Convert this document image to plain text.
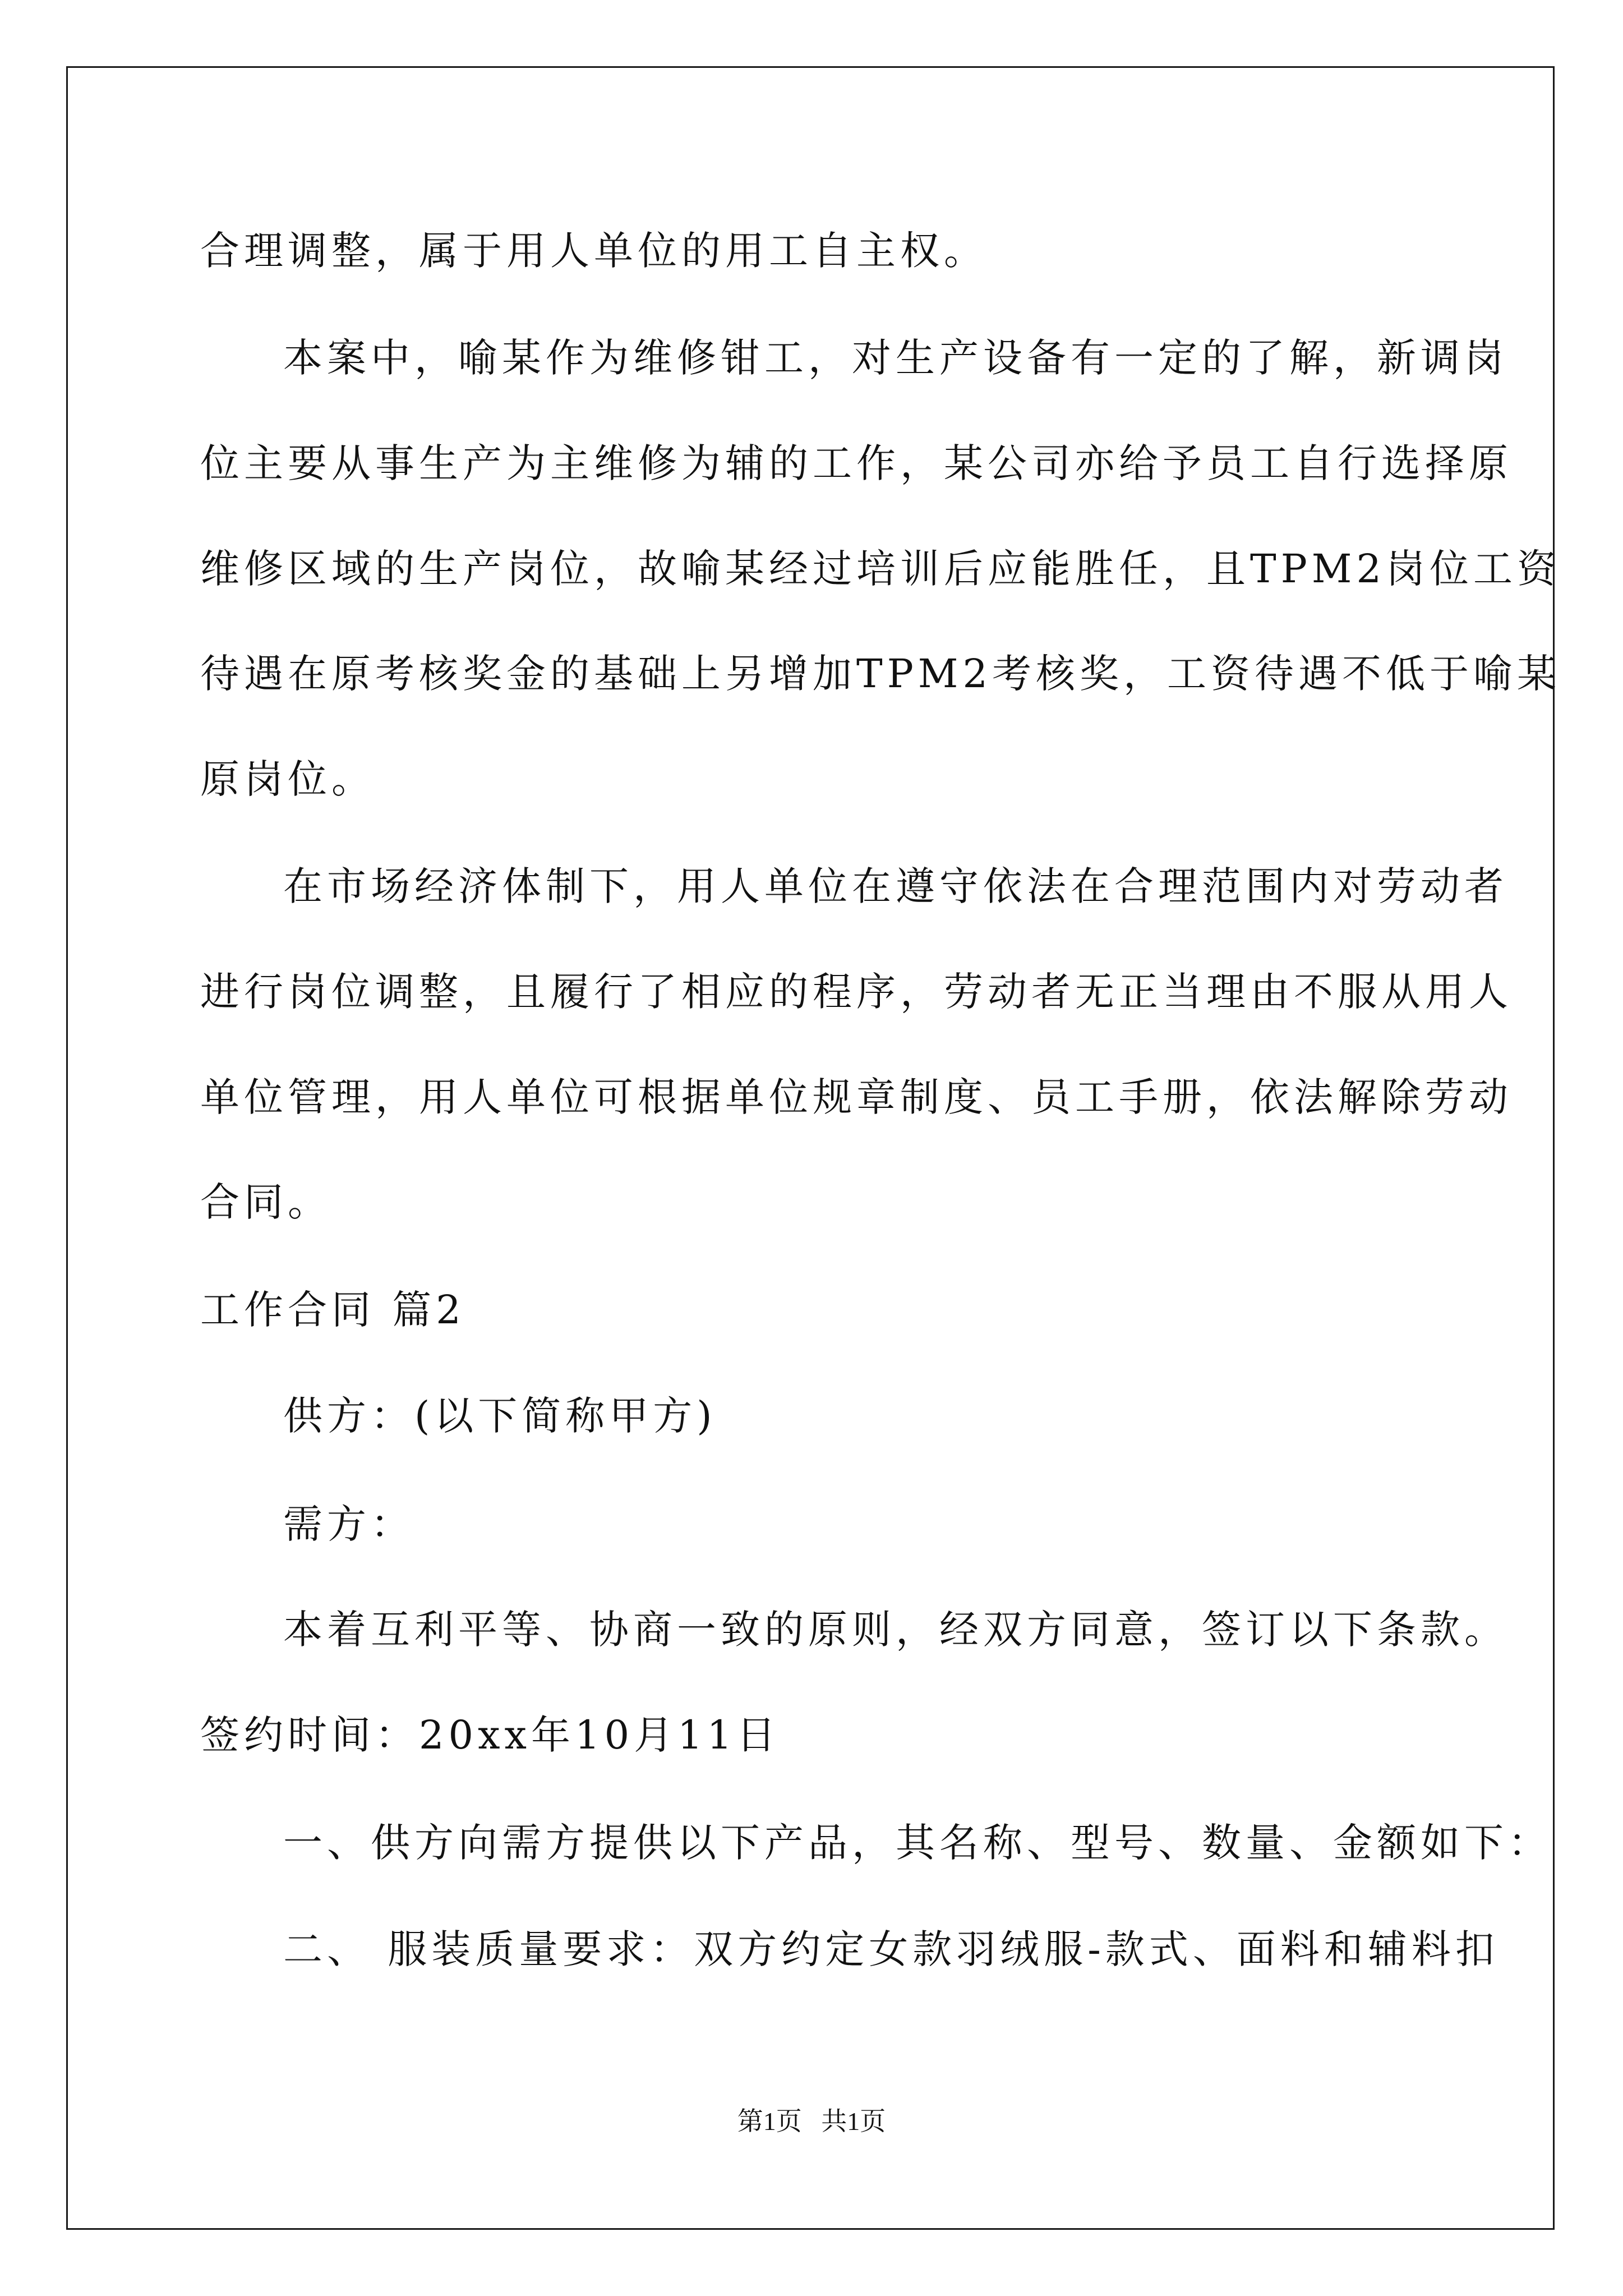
合理调整，属于用人单位的用工自主权。
本案中，喻某作为维修钳工，对生产设备有一定的了解，新调岗
位主要从事生产为主维修为辅的工作，某公司亦给予员工自行选择原
维修区域的生产岗位，故喻某经过培训后应能胜任，且TPM2岗位工资
待遇在原考核奖金的基础上另增加TPM2考核奖，工资待遇不低于喻某
原岗位。
在市场经济体制下，用人单位在遵守依法在合理范围内对劳动者
进行岗位调整，且履行了相应的程序，劳动者无正当理由不服从用人
单位管理，用人单位可根据单位规章制度、员工手册，依法解除劳动
合同。
工作合同 篇2
供方：(以下简称甲方)
需方：
本着互利平等、协商一致的原则，经双方同意，签订以下条款。
签约时间：20xx年10月11日
一、供方向需方提供以下产品，其名称、型号、数量、金额如下：
二、 服装质量要求：双方约定女款羽绒服-款式、面料和辅料扣
第1页   共1页
